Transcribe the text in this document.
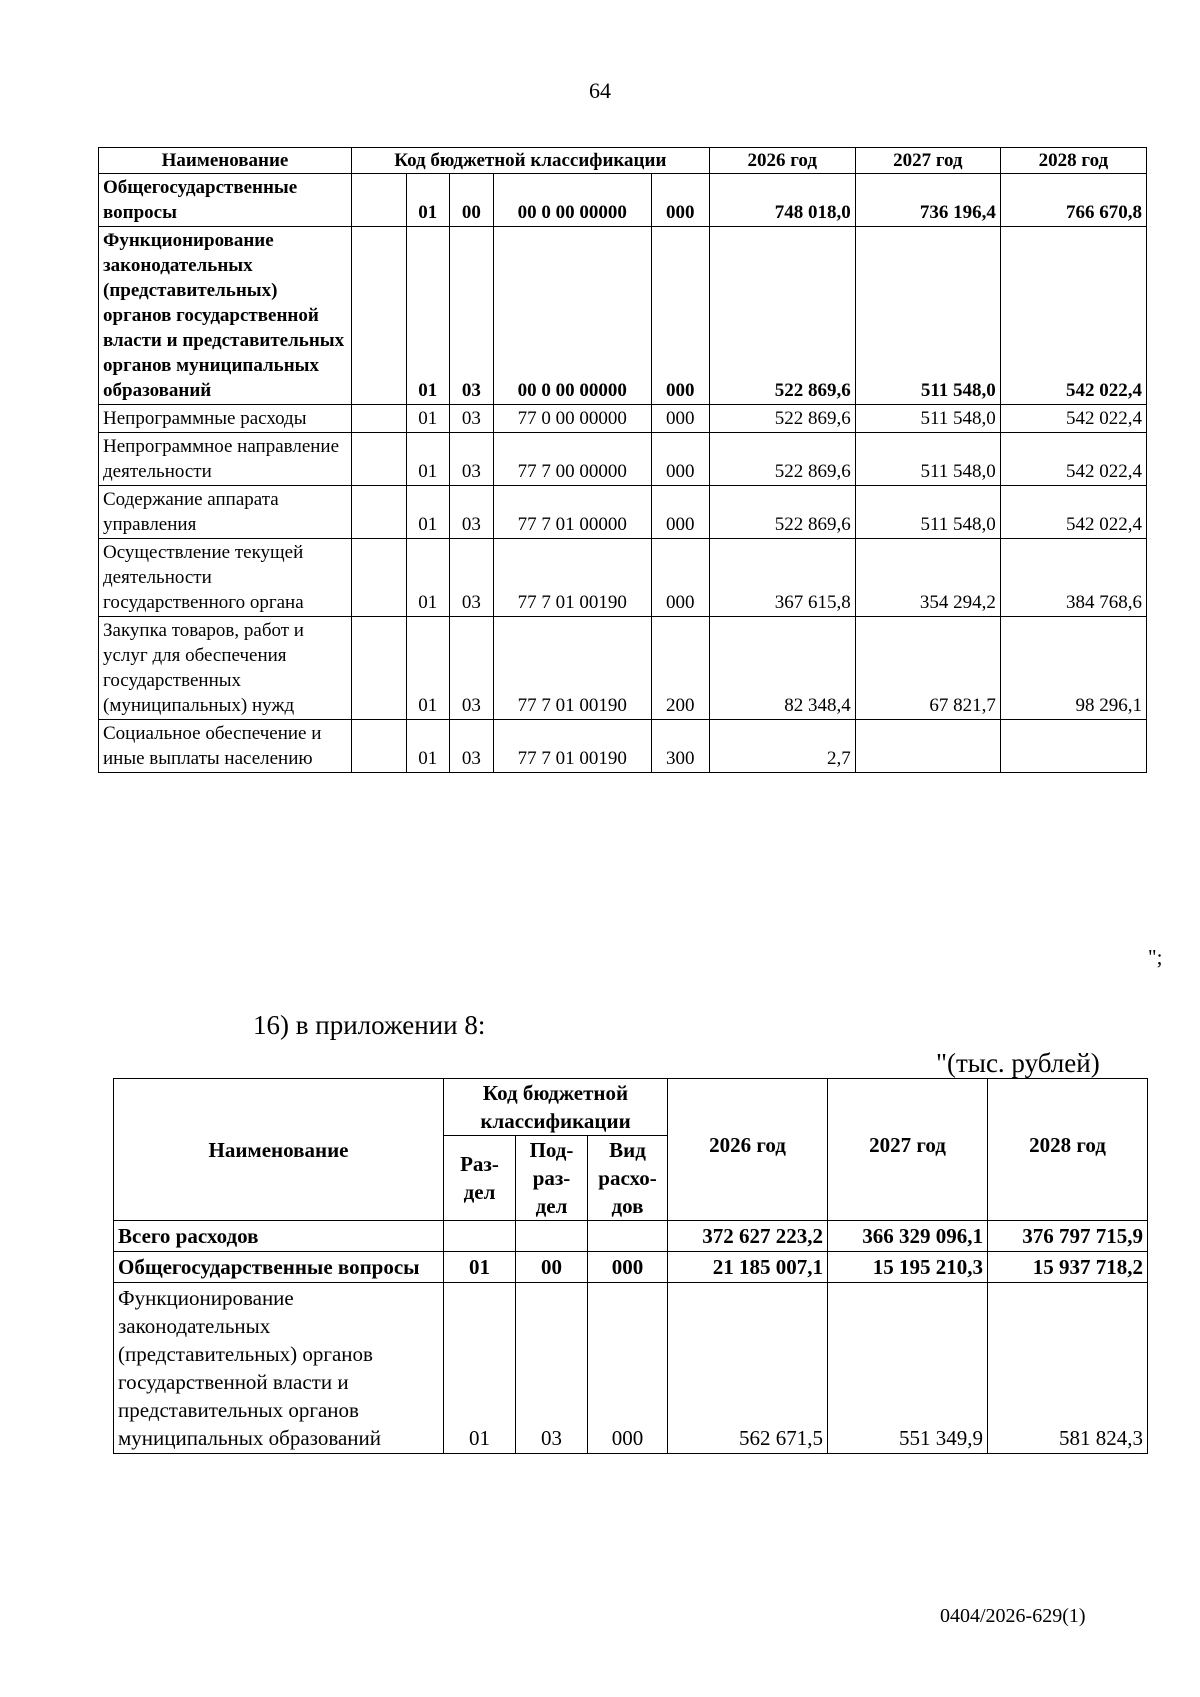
64
Наименование	Код бюджетной классификации					2026 год	2027 год	2028 год
Общегосударственные вопросы		01	00	00 0 00 00000	000	748 018,0	736 196,4	766 670,8
Функционирование законодательных (представительных) органов государственной власти и представительных органов муниципальных образований		01	03	00 0 00 00000	000	522 869,6	511 548,0	542 022,4
Непрограммные расходы		01	03	77 0 00 00000	000	522 869,6	511 548,0	542 022,4
Непрограммное направление деятельности		01	03	77 7 00 00000	000	522 869,6	511 548,0	542 022,4
Содержание аппарата управления		01	03	77 7 01 00000	000	522 869,6	511 548,0	542 022,4
Осуществление текущей деятельности государственного органа		01	03	77 7 01 00190	000	367 615,8	354 294,2	384 768,6
Закупка товаров, работ и услуг для обеспечения государственных (муниципальных) нужд		01	03	77 7 01 00190	200	82 348,4	67 821,7	98 296,1
Социальное обеспечение и иные выплаты населению		01	03	77 7 01 00190	300	2,7		
";
16) в приложении 8:
"(тыс. рублей)
Наименование	Код бюджетной классификации			2026 год	2027 год	2028 год
	Раз-дел	Под-раз-дел	Вид расхо-дов			
Всего расходов				372 627 223,2	366 329 096,1	376 797 715,9
Общегосударственные вопросы	01	00	000	21 185 007,1	15 195 210,3	15 937 718,2
Функционирование законодательных (представительных) органов государственной власти и представительных органов муниципальных образований	01	03	000	562 671,5	551 349,9	581 824,3
0404/2026-629(1)
